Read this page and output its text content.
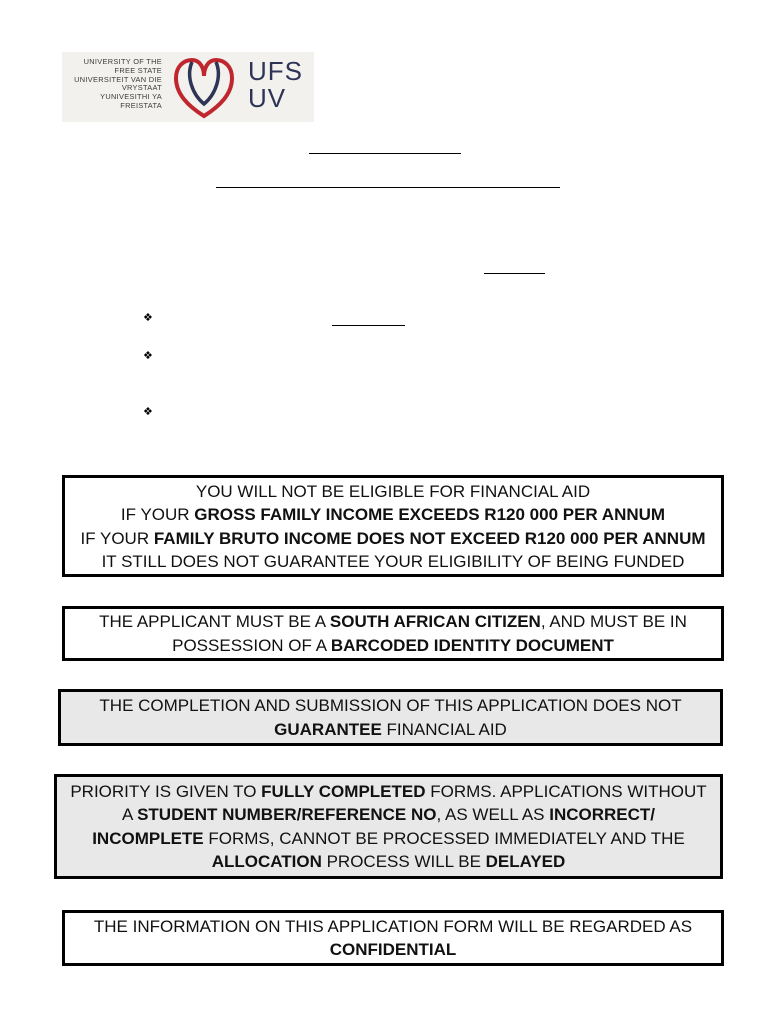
UNIVERSITY OF THE
FREE STATE
UNIVERSITEIT VAN DIE
VRYSTAAT
YUNIVESITHI YA
FREISTATA
UFS
UV
❖
❖
❖
YOU WILL NOT BE ELIGIBLE FOR FINANCIAL AID
IF YOUR GROSS FAMILY INCOME EXCEEDS R120 000 PER ANNUM
IF YOUR FAMILY BRUTO INCOME DOES NOT EXCEED R120 000 PER ANNUM
IT STILL DOES NOT GUARANTEE YOUR ELIGIBILITY OF BEING FUNDED
THE APPLICANT MUST BE A SOUTH AFRICAN CITIZEN, AND MUST BE IN
POSSESSION OF A BARCODED IDENTITY DOCUMENT
THE COMPLETION AND SUBMISSION OF THIS APPLICATION DOES NOT
GUARANTEE FINANCIAL AID
PRIORITY IS GIVEN TO FULLY COMPLETED FORMS. APPLICATIONS WITHOUT
A STUDENT NUMBER/REFERENCE NO, AS WELL AS INCORRECT/
INCOMPLETE FORMS, CANNOT BE PROCESSED IMMEDIATELY AND THE
ALLOCATION PROCESS WILL BE DELAYED
THE INFORMATION ON THIS APPLICATION FORM WILL BE REGARDED AS
CONFIDENTIAL
